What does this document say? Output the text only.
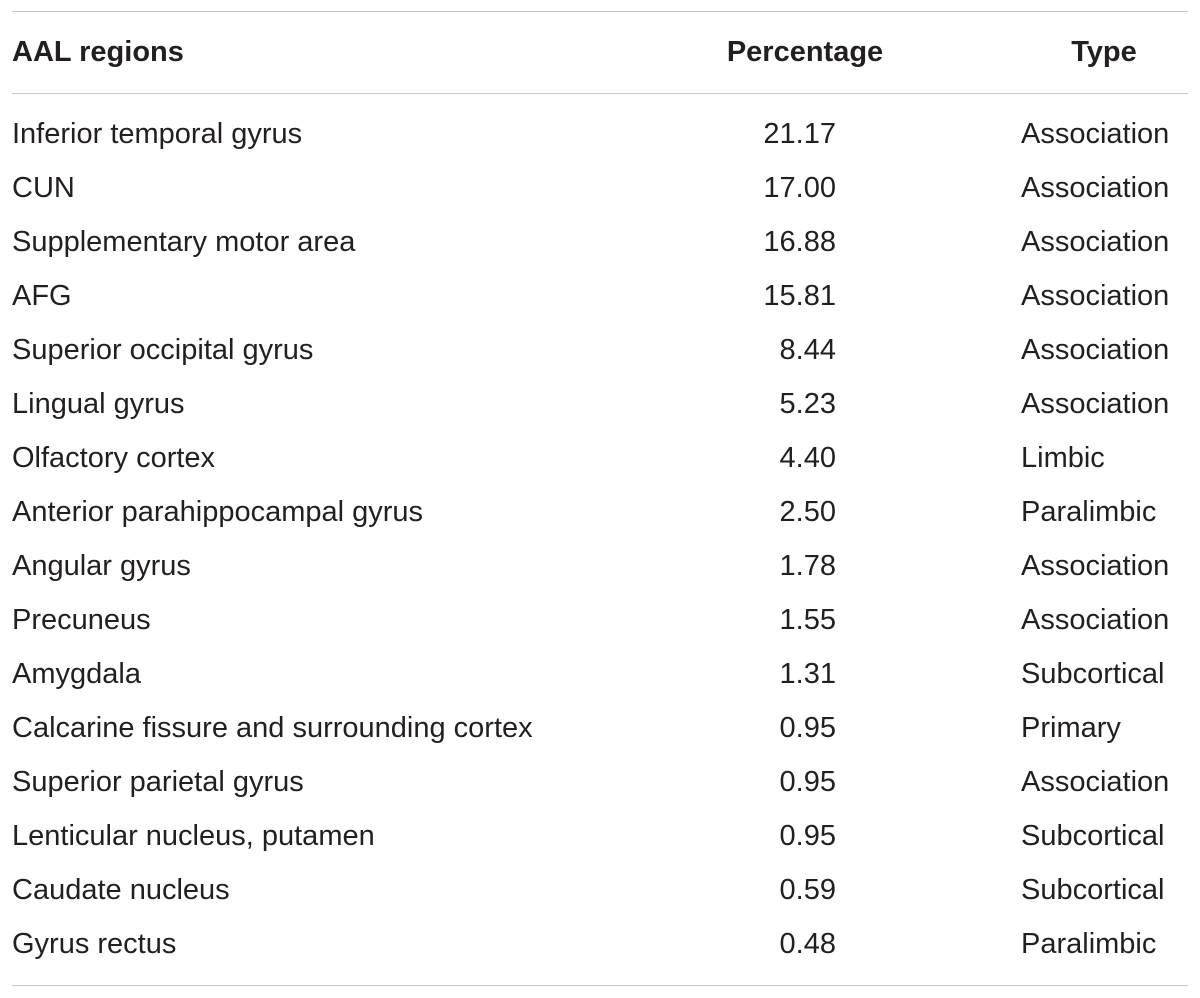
AAL regions	Percentage	Type
Inferior temporal gyrus	21.17	Association
CUN	17.00	Association
Supplementary motor area	16.88	Association
AFG	15.81	Association
Superior occipital gyrus	8.44	Association
Lingual gyrus	5.23	Association
Olfactory cortex	4.40	Limbic
Anterior parahippocampal gyrus	2.50	Paralimbic
Angular gyrus	1.78	Association
Precuneus	1.55	Association
Amygdala	1.31	Subcortical
Calcarine fissure and surrounding cortex	0.95	Primary
Superior parietal gyrus	0.95	Association
Lenticular nucleus, putamen	0.95	Subcortical
Caudate nucleus	0.59	Subcortical
Gyrus rectus	0.48	Paralimbic
